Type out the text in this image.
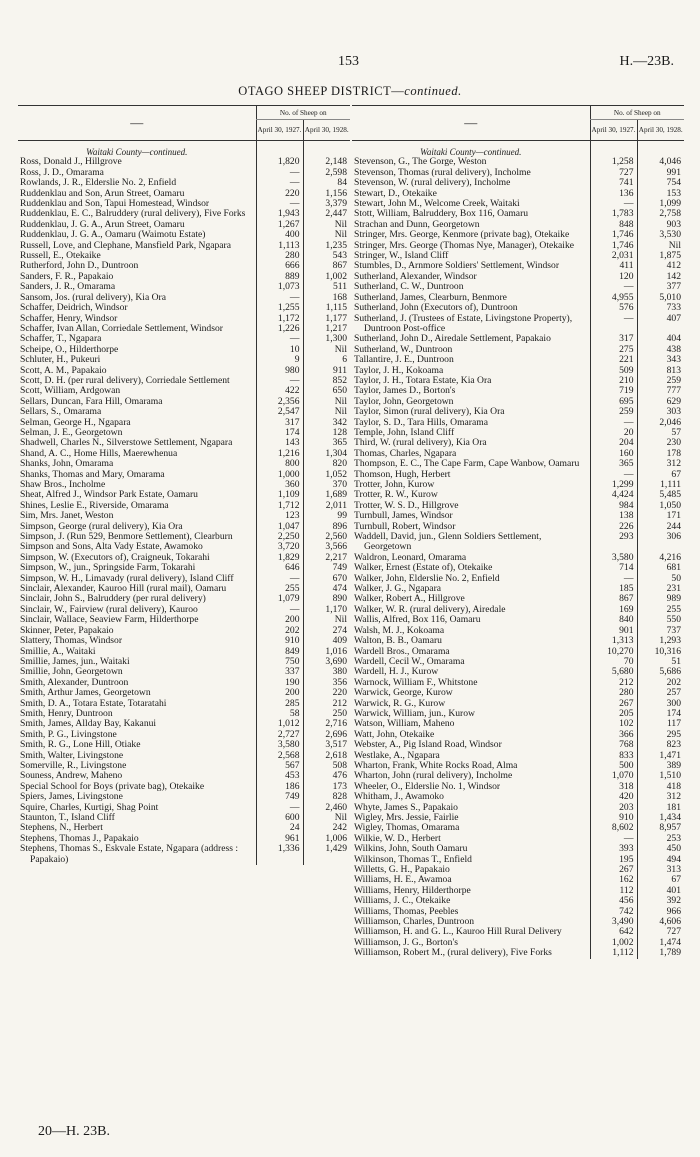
153	H.—23B.
OTAGO SHEEP DISTRICT—continued.
—	No. of Sheep on	
	April 30, 1927.	April 30, 1928.
Waitaki County—continued.		

Ross, Donald J., Hillgrove	1,820	2,148

Ross, J. D., Omarama	—	2,598

Rowlands, J. R., Elderslie No. 2, Enfield	—	84

Ruddenklau and Son, Arun Street, Oamaru	220	1,156

Ruddenklau and Son, Tapui Homestead, Windsor	—	3,379

Ruddenklau, E. C., Balruddery (rural delivery), Five Forks	1,943	2,447

Ruddenklau, J. G. A., Arun Street, Oamaru	1,267	Nil

Ruddenklau, J. G. A., Oamaru (Waimotu Estate)	400	Nil

Russell, Love, and Clephane, Mansfield Park, Ngapara	1,113	1,235

Russell, E., Otekaike	280	543

Rutherford, John D., Duntroon	666	867

Sanders, F. R., Papakaio	889	1,002

Sanders, J. R., Omarama	1,073	511

Sansom, Jos. (rural delivery), Kia Ora	—	168

Schaffer, Deidrich, Windsor	1,255	1,115

Schaffer, Henry, Windsor	1,172	1,177

Schaffer, Ivan Allan, Corriedale Settlement, Windsor	1,226	1,217

Schaffer, T., Ngapara	—	1,300

Scheipe, O., Hilderthorpe	10	Nil

Schluter, H., Pukeuri	9	6

Scott, A. M., Papakaio	980	911

Scott, D. H. (per rural delivery), Corriedale Settlement	—	852

Scott, William, Ardgowan	422	650

Sellars, Duncan, Fara Hill, Omarama	2,356	Nil

Sellars, S., Omarama	2,547	Nil

Selman, George H., Ngapara	317	342

Selman, J. E., Georgetown	174	128

Shadwell, Charles N., Silverstowe Settlement, Ngapara	143	365

Shand, A. C., Home Hills, Maerewhenua	1,216	1,304

Shanks, John, Omarama	800	820

Shanks, Thomas and Mary, Omarama	1,000	1,052

Shaw Bros., Incholme	360	370

Sheat, Alfred J., Windsor Park Estate, Oamaru	1,109	1,689

Shines, Leslie E., Riverside, Omarama	1,712	2,011

Sim, Mrs. Janet, Weston	123	99

Simpson, George (rural delivery), Kia Ora	1,047	896

Simpson, J. (Run 529, Benmore Settlement), Clearburn	2,250	2,560

Simpson and Sons, Alta Vady Estate, Awamoko	3,720	3,566

Simpson, W. (Executors of), Craigneuk, Tokarahi	1,829	2,217

Simpson, W., jun., Springside Farm, Tokarahi	646	749

Simpson, W. H., Limavady (rural delivery), Island Cliff	—	670

Sinclair, Alexander, Kauroo Hill (rural mail), Oamaru	255	474

Sinclair, John S., Balruddery (per rural delivery)	1,079	890

Sinclair, W., Fairview (rural delivery), Kauroo	—	1,170

Sinclair, Wallace, Seaview Farm, Hilderthorpe	200	Nil

Skinner, Peter, Papakaio	202	274

Slattery, Thomas, Windsor	910	409

Smillie, A., Waitaki	849	1,016

Smillie, James, jun., Waitaki	750	3,690

Smillie, John, Georgetown	337	380

Smith, Alexander, Duntroon	190	356

Smith, Arthur James, Georgetown	200	220

Smith, D. A., Totara Estate, Totaratahi	285	212

Smith, Henry, Duntroon	58	250

Smith, James, Allday Bay, Kakanui	1,012	2,716

Smith, P. G., Livingstone	2,727	2,696

Smith, R. G., Lone Hill, Otiake	3,580	3,517

Smith, Walter, Livingstone	2,568	2,618

Somerville, R., Livingstone	567	508

Souness, Andrew, Maheno	453	476

Special School for Boys (private bag), Otekaike	186	173

Spiers, James, Livingstone	749	828

Squire, Charles, Kurtigi, Shag Point	—	2,460

Staunton, T., Island Cliff	600	Nil

Stephens, N., Herbert	24	242

Stephens, Thomas J., Papakaio	961	1,006

Stephens, Thomas S., Eskvale Estate, Ngapara (address : Papakaio)	1,336	1,429
—	No. of Sheep on	
	April 30, 1927.	April 30, 1928.
Waitaki County—continued.		

Stevenson, G., The Gorge, Weston	1,258	4,046

Stevenson, Thomas (rural delivery), Incholme	727	991

Stevenson, W. (rural delivery), Incholme	741	754

Stewart, D., Otekaike	136	153

Stewart, John M., Welcome Creek, Waitaki	—	1,099

Stott, William, Balruddery, Box 116, Oamaru	1,783	2,758

Strachan and Dunn, Georgetown	848	903

Stringer, Mrs. George, Kenmore (private bag), Otekaike	1,746	3,530

Stringer, Mrs. George (Thomas Nye, Manager), Otekaike	1,746	Nil

Stringer, W., Island Cliff	2,031	1,875

Stumbles, D., Arnmore Soldiers' Settlement, Windsor	411	412

Sutherland, Alexander, Windsor	120	142

Sutherland, C. W., Duntroon	—	377

Sutherland, James, Clearburn, Benmore	4,955	5,010

Sutherland, John (Executors of), Duntroon	576	733

Sutherland, J. (Trustees of Estate, Livingstone Property), Duntroon Post-office	—	407

Sutherland, John D., Airedale Settlement, Papakaio	317	404

Sutherland, W., Duntroon	275	438

Tallantire, J. E., Duntroon	221	343

Taylor, J. H., Kokoama	509	813

Taylor, J. H., Totara Estate, Kia Ora	210	259

Taylor, James D., Borton's	719	777

Taylor, John, Georgetown	695	629

Taylor, Simon (rural delivery), Kia Ora	259	303

Taylor, S. D., Tara Hills, Omarama	—	2,046

Temple, John, Island Cliff	20	57

Third, W. (rural delivery), Kia Ora	204	230

Thomas, Charles, Ngapara	160	178

Thompson, E. C., The Cape Farm, Cape Wanbow, Oamaru	365	312

Thomson, Hugh, Herbert	—	67

Trotter, John, Kurow	1,299	1,111

Trotter, R. W., Kurow	4,424	5,485

Trotter, W. S. D., Hillgrove	984	1,050

Turnbull, James, Windsor	138	171

Turnbull, Robert, Windsor	226	244

Waddell, David, jun., Glenn Soldiers Settlement, Georgetown	293	306

Waldron, Leonard, Omarama	3,580	4,216

Walker, Ernest (Estate of), Otekaike	714	681

Walker, John, Elderslie No. 2, Enfield	—	50

Walker, J. G., Ngapara	185	231

Walker, Robert A., Hillgrove	867	989

Walker, W. R. (rural delivery), Airedale	169	255

Wallis, Alfred, Box 116, Oamaru	840	550

Walsh, M. J., Kokoama	901	737

Walton, B. B., Oamaru	1,313	1,293

Wardell Bros., Omarama	10,270	10,316

Wardell, Cecil W., Omarama	70	51

Wardell, H. J., Kurow	5,680	5,686

Warnock, William F., Whitstone	212	202

Warwick, George, Kurow	280	257

Warwick, R. G., Kurow	267	300

Warwick, William, jun., Kurow	205	174

Watson, William, Maheno	102	117

Watt, John, Otekaike	366	295

Webster, A., Pig Island Road, Windsor	768	823

Westlake, A., Ngapara	833	1,471

Wharton, Frank, White Rocks Road, Alma	500	389

Wharton, John (rural delivery), Incholme	1,070	1,510

Wheeler, O., Elderslie No. 1, Windsor	318	418

Whitham, J., Awamoko	420	312

Whyte, James S., Papakaio	203	181

Wigley, Mrs. Jessie, Fairlie	910	1,434

Wigley, Thomas, Omarama	8,602	8,957

Wilkie, W. D., Herbert	—	253

Wilkins, John, South Oamaru	393	450

Wilkinson, Thomas T., Enfield	195	494

Willetts, G. H., Papakaio	267	313

Williams, H. E., Awamoa	162	67

Williams, Henry, Hilderthorpe	112	401

Williams, J. C., Otekaike	456	392

Williams, Thomas, Peebles	742	966

Williamson, Charles, Duntroon	3,490	4,606

Williamson, H. and G. L., Kauroo Hill Rural Delivery	642	727

Williamson, J. G., Borton's	1,002	1,474

Williamson, Robert M., (rural delivery), Five Forks	1,112	1,789
20—H. 23B.
